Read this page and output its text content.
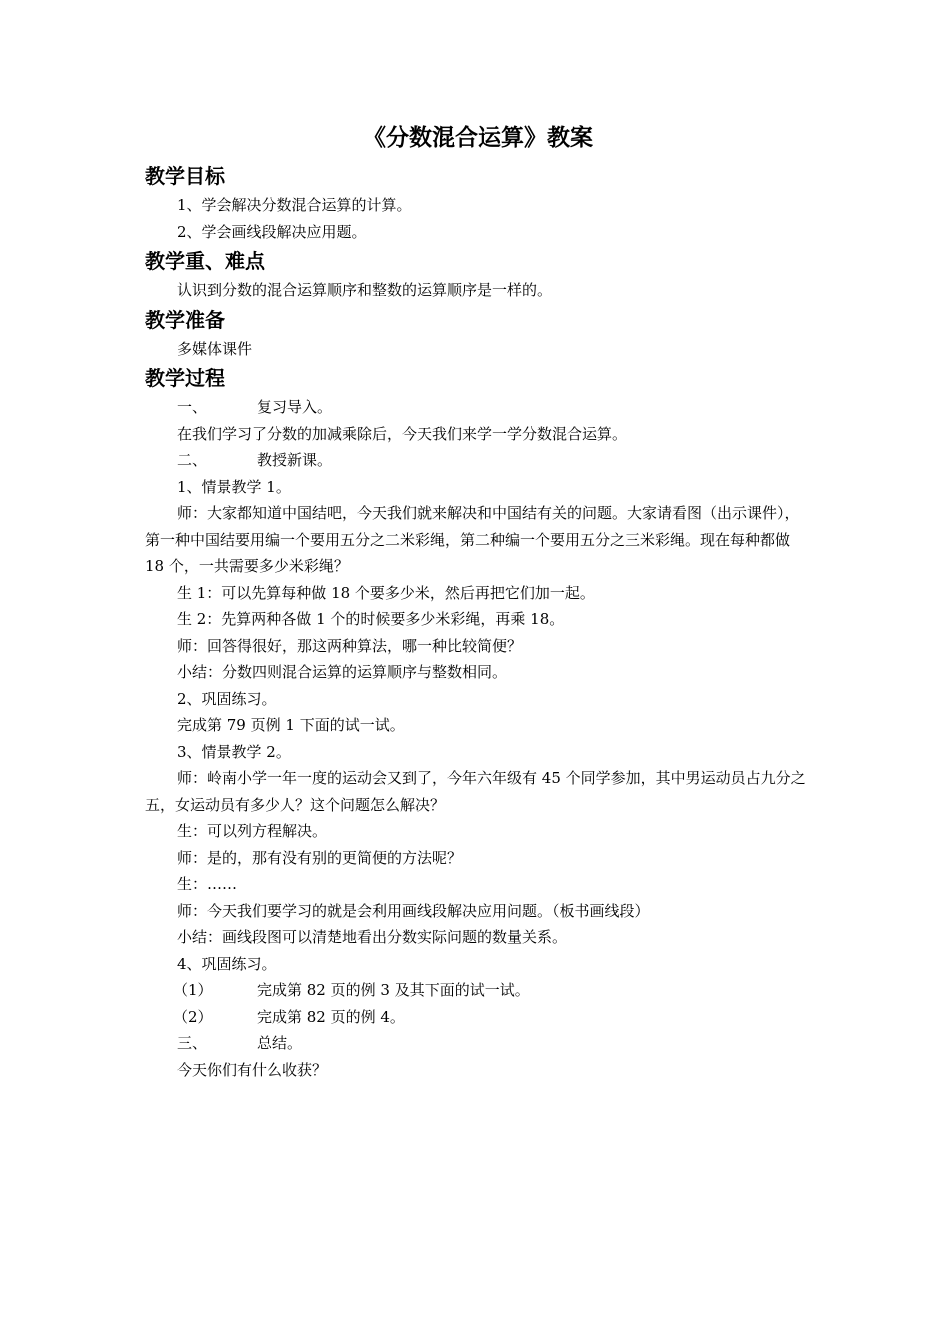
《分数混合运算》教案
教学目标

1、学会解决分数混合运算的计算。

2、学会画线段解决应用题。

教学重、难点

认识到分数的混合运算顺序和整数的运算顺序是一样的。

教学准备

多媒体课件

教学过程

一、	复习导入。

在我们学习了分数的加减乘除后，今天我们来学一学分数混合运算。

二、	教授新课。

1、情景教学 1。

师：大家都知道中国结吧，今天我们就来解决和中国结有关的问题。大家请看图（出示课件），第一种中国结要用编一个要用五分之二米彩绳，第二种编一个要用五分之三米彩绳。现在每种都做 18 个，一共需要多少米彩绳？

生 1：可以先算每种做 18 个要多少米，然后再把它们加一起。

生 2：先算两种各做 1 个的时候要多少米彩绳，再乘 18。

师：回答得很好，那这两种算法，哪一种比较简便？

小结：分数四则混合运算的运算顺序与整数相同。

2、巩固练习。

完成第 79 页例 1 下面的试一试。

3、情景教学 2。

师：岭南小学一年一度的运动会又到了，今年六年级有 45 个同学参加，其中男运动员占九分之五，女运动员有多少人？这个问题怎么解决？

生：可以列方程解决。

师：是的，那有没有别的更简便的方法呢？

生：……

师：今天我们要学习的就是会利用画线段解决应用问题。（板书画线段）

小结：画线段图可以清楚地看出分数实际问题的数量关系。

4、巩固练习。

（1）	完成第 82 页的例 3 及其下面的试一试。

（2）	完成第 82 页的例 4。

三、	总结。

今天你们有什么收获？
